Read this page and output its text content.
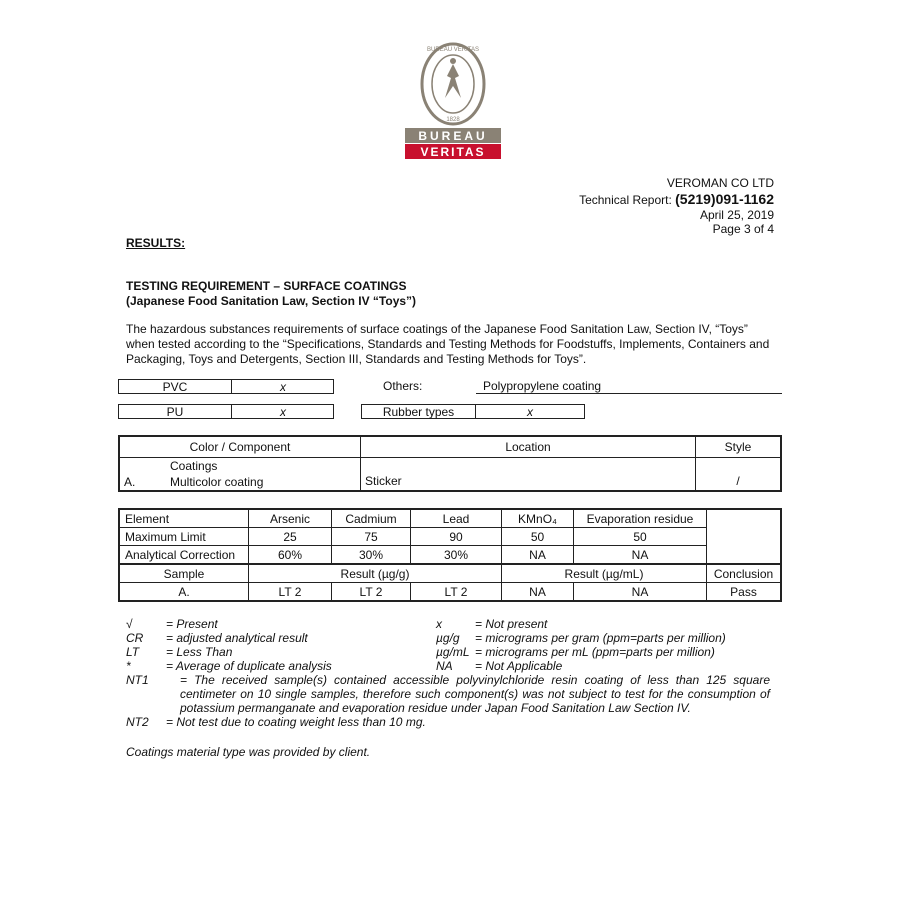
BUREAU VERITAS
1828
BUREAU
VERITAS
VEROMAN CO LTD
Technical Report: (5219)091-1162
April 25, 2019
Page 3 of 4
RESULTS:
TESTING REQUIREMENT – SURFACE COATINGS
(Japanese Food Sanitation Law, Section IV “Toys”)
The hazardous substances requirements of surface coatings of the Japanese Food Sanitation Law, Section IV, “Toys” when tested according to the “Specifications, Standards and Testing Methods for Foodstuffs, Implements, Containers and Packaging, Toys and Detergents, Section III, Standards and Testing Methods for Toys”.
PVC	x	Others:	Polypropylene coating
PU	x	Rubber types	x
Color / Component	Location	Style

Coatings
A. Multicolor coating	Sticker	/
Element	Arsenic	Cadmium	Lead	KMnO₄	Evaporation residue	
Maximum Limit	25	75	90	50	50	
Analytical Correction	60%	30%	30%	NA	NA	
Sample	Result (µg/g)			Result (µg/mL)		Conclusion
A.	LT 2	LT 2	LT 2	NA	NA	Pass
√	= Present	x	= Not present
CR = adjusted analytical result	µg/g = micrograms per gram (ppm=parts per million)
LT = Less Than	µg/mL = micrograms per mL (ppm=parts per million)
*	= Average of duplicate analysis	NA = Not Applicable
NT1	= The received sample(s) contained accessible polyvinylchloride resin coating of less than 125 square centimeter on 10 single samples, therefore such component(s) was not subject to test for the consumption of potassium permanganate and evaporation residue under Japan Food Sanitation Law Section IV.
NT2 = Not test due to coating weight less than 10 mg.
Coatings material type was provided by client.
